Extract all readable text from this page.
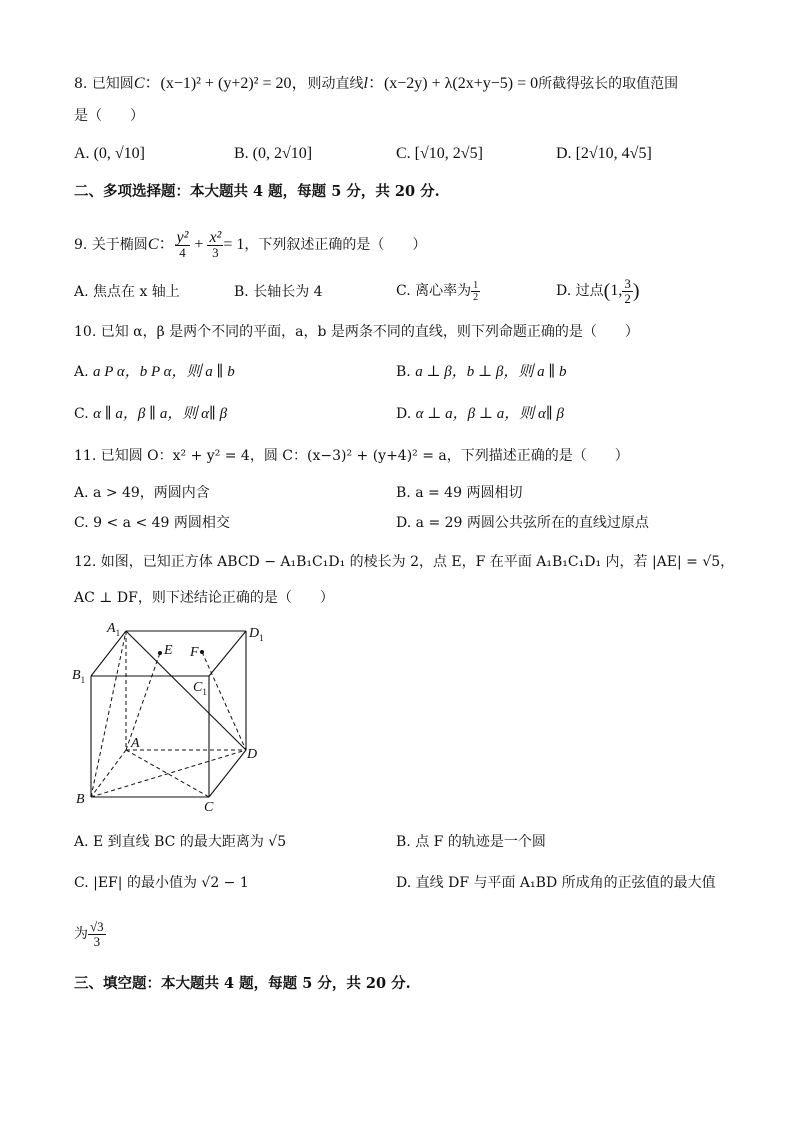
8. 已知圆C：(x−1)² + (y+2)² = 20，则动直线l：(x−2y) + λ(2x+y−5) = 0所截得弦长的取值范围
是（　　）
A. (0, √10]	B. (0, 2√10]	C. [√10, 2√5]	D. [2√10, 4√5]
二、多项选择题：本大题共 4 题，每题 5 分，共 20 分.
9. 关于椭圆C： $\frac{\text{y²}}{4} + \frac{\text{x²}}{3} = 1$，下列叙述正确的是（　　）
A. 焦点在 x 轴上	B. 长轴长为 4	C. 离心率为 $\frac{1}{2}$	D. 过点(1, $\frac{3}{2}$ )
10. 已知 α，β 是两个不同的平面，a，b 是两条不同的直线，则下列命题正确的是（　　）
A. a P α，b P α，则 a ∥ b	B. a ⊥ β，b ⊥ β，则 a ∥ b
C. α ∥ a，β ∥ a，则 α∥ β	D. α ⊥ a，β ⊥ a，则 α∥ β
11. 已知圆 O：x² + y² = 4，圆 C：(x−3)² + (y+4)² = a，下列描述正确的是（　　）
A. a > 49，两圆内含	B. a = 49 两圆相切
C. 9 < a < 49 两圆相交	D. a = 29 两圆公共弦所在的直线过原点
12. 如图，已知正方体 ABCD − A₁B₁C₁D₁ 的棱长为 2，点 E，F 在平面 A₁B₁C₁D₁ 内，若 |AE| = √5，
AC ⊥ DF，则下述结论正确的是（　　）
$A_1$	$D_1$
$B_1$	$C_1$
E F
A
D
B
C
A. E 到直线 BC 的最大距离为 √5	B. 点 F 的轨迹是一个圆
C. |EF| 的最小值为 √2 − 1	D. 直线 DF 与平面 A₁BD 所成角的正弦值的最大值
为 $\frac{√3}{3}$
三、填空题：本大题共 4 题，每题 5 分，共 20 分.
